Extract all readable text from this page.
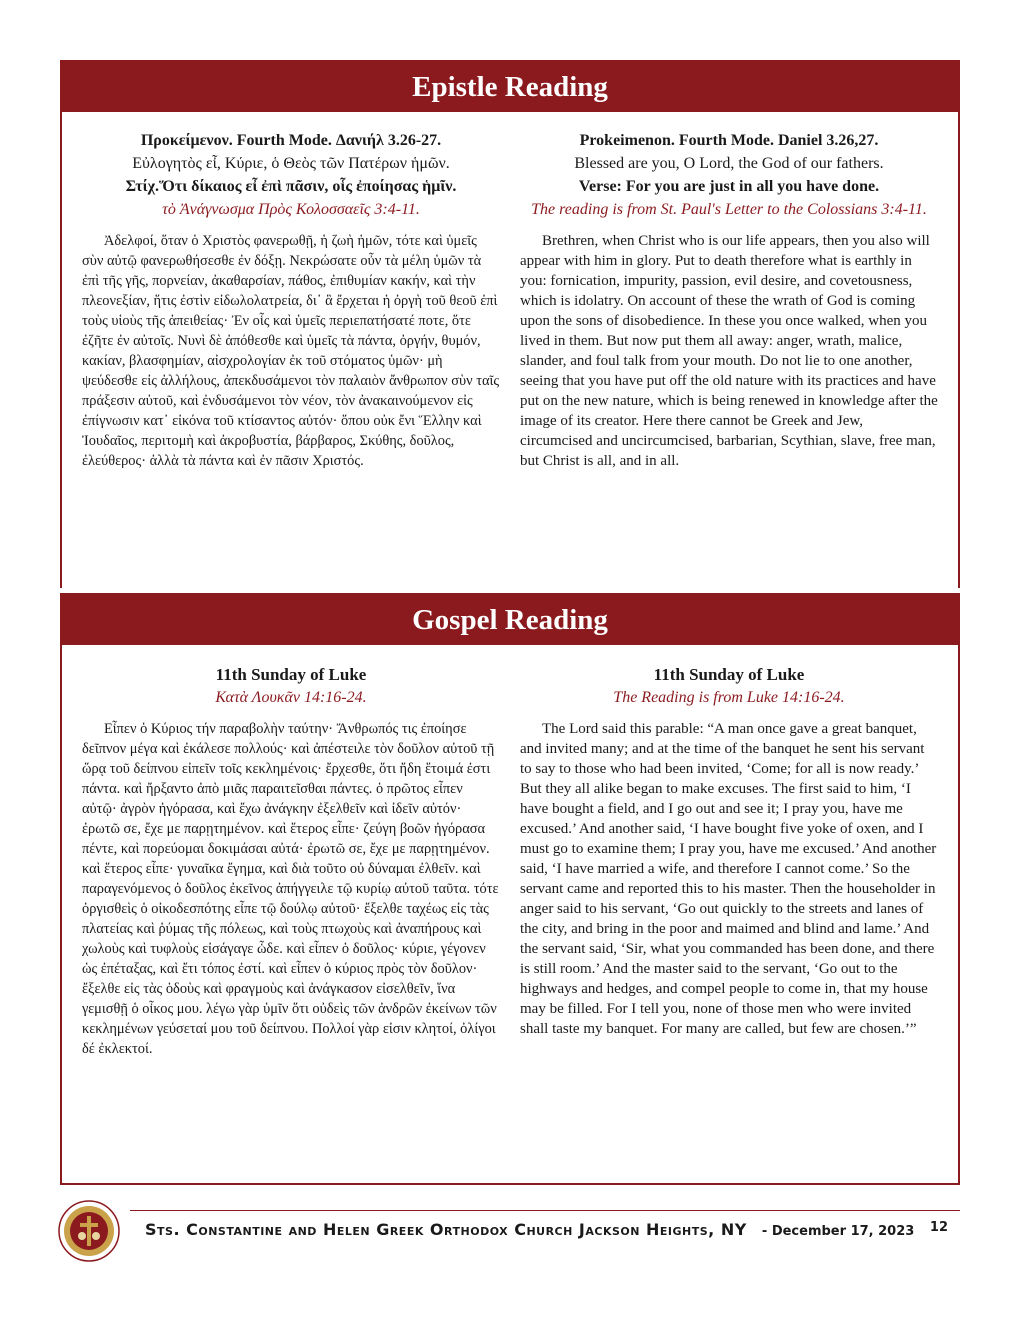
Epistle Reading
Προκείμενον. Fourth Mode. Δανιήλ 3.26-27.
Εὐλογητὸς εἶ, Κύριε, ὁ Θεὸς τῶν Πατέρων ἡμῶν.
Στίχ.Ὅτι δίκαιος εἶ ἐπὶ πᾶσιν, οἷς ἐποίησας ἡμῖν.
τὸ Ἀνάγνωσμα Πρὸς Κολοσσαεῖς 3:4-11.

Ἀδελφοί, ὅταν ὁ Χριστὸς φανερωθῇ, ἡ ζωὴ ἡμῶν, τότε καὶ ὑμεῖς σὺν αὐτῷ φανερωθήσεσθε ἐν δόξῃ. Νεκρώσατε οὖν τὰ μέλη ὑμῶν τὰ ἐπὶ τῆς γῆς, πορνείαν, ἀκαθαρσίαν, πάθος, ἐπιθυμίαν κακήν, καὶ τὴν πλεονεξίαν, ἥτις ἐστὶν εἰδωλολατρεία, δι᾽ ἃ ἔρχεται ἡ ὀργὴ τοῦ θεοῦ ἐπὶ τοὺς υἱοὺς τῆς ἀπειθείας· Ἐν οἷς καὶ ὑμεῖς περιεπατήσατέ ποτε, ὅτε ἐζῆτε ἐν αὐτοῖς. Νυνὶ δὲ ἀπόθεσθε καὶ ὑμεῖς τὰ πάντα, ὀργήν, θυμόν, κακίαν, βλασφημίαν, αἰσχρολογίαν ἐκ τοῦ στόματος ὑμῶν· μὴ ψεύδεσθε εἰς ἀλλήλους, ἀπεκδυσάμενοι τὸν παλαιὸν ἄνθρωπον σὺν ταῖς πράξεσιν αὐτοῦ, καὶ ἐνδυσάμενοι τὸν νέον, τὸν ἀνακαινούμενον εἰς ἐπίγνωσιν κατ᾽ εἰκόνα τοῦ κτίσαντος αὐτόν· ὅπου οὐκ ἔνι Ἕλλην καὶ Ἰουδαῖος, περιτομὴ καὶ ἀκροβυστία, βάρβαρος, Σκύθης, δοῦλος, ἐλεύθερος· ἀλλὰ τὰ πάντα καὶ ἐν πᾶσιν Χριστός.

Prokeimenon. Fourth Mode. Daniel 3.26,27.
Blessed are you, O Lord, the God of our fathers.
Verse: For you are just in all you have done.
The reading is from St. Paul's Letter to the Colossians 3:4-11.

Brethren, when Christ who is our life appears, then you also will appear with him in glory. Put to death therefore what is earthly in you: fornication, impurity, passion, evil desire, and covetousness, which is idolatry. On account of these the wrath of God is coming upon the sons of disobedience. In these you once walked, when you lived in them. But now put them all away: anger, wrath, malice, slander, and foul talk from your mouth. Do not lie to one another, seeing that you have put off the old nature with its practices and have put on the new nature, which is being renewed in knowledge after the image of its creator. Here there cannot be Greek and Jew, circumcised and uncircumcised, barbarian, Scythian, slave, free man, but Christ is all, and in all.

Gospel Reading
11th Sunday of Luke
Κατὰ Λουκᾶν 14:16-24.

Εἶπεν ὁ Κύριος τήν παραβολὴν ταύτην· Ἄνθρωπός τις ἐποίησε δεῖπνον μέγα καὶ ἐκάλεσε πολλούς· καὶ ἀπέστειλε τὸν δοῦλον αὐτοῦ τῇ ὥρᾳ τοῦ δείπνου εἰπεῖν τοῖς κεκλημένοις· ἔρχεσθε, ὅτι ἤδη ἕτοιμά ἐστι πάντα. καὶ ἤρξαντο ἀπὸ μιᾶς παραιτεῖσθαι πάντες. ὁ πρῶτος εἶπεν αὐτῷ· ἀγρὸν ἠγόρασα, καὶ ἔχω ἀνάγκην ἐξελθεῖν καὶ ἰδεῖν αὐτόν· ἐρωτῶ σε, ἔχε με παρῃτημένον. καὶ ἕτερος εἶπε· ζεύγη βοῶν ἠγόρασα πέντε, καὶ πορεύομαι δοκιμάσαι αὐτά· ἐρωτῶ σε, ἔχε με παρῃτημένον. καὶ ἕτερος εἶπε· γυναῖκα ἔγημα, καὶ διὰ τοῦτο οὐ δύναμαι ἐλθεῖν. καὶ παραγενόμενος ὁ δοῦλος ἐκεῖνος ἀπήγγειλε τῷ κυρίῳ αὐτοῦ ταῦτα. τότε ὀργισθεὶς ὁ οἰκοδεσπότης εἶπε τῷ δούλῳ αὐτοῦ· ἔξελθε ταχέως εἰς τὰς πλατείας καὶ ῥύμας τῆς πόλεως, καὶ τοὺς πτωχοὺς καὶ ἀναπήρους καὶ χωλοὺς καὶ τυφλοὺς εἰσάγαγε ὧδε. καὶ εἶπεν ὁ δοῦλος· κύριε, γέγονεν ὡς ἐπέταξας, καὶ ἔτι τόπος ἐστί. καὶ εἶπεν ὁ κύριος πρὸς τὸν δοῦλον· ἔξελθε εἰς τὰς ὁδοὺς καὶ φραγμοὺς καὶ ἀνάγκασον εἰσελθεῖν, ἵνα γεμισθῇ ὁ οἶκος μου. λέγω γὰρ ὑμῖν ὅτι οὐδεὶς τῶν ἀνδρῶν ἐκείνων τῶν κεκλημένων γεύσεταί μου τοῦ δείπνου. Πολλοί γὰρ εἰσιν κλητοί, ὀλίγοι δέ ἐκλεκτοί.

11th Sunday of Luke
The Reading is from Luke 14:16-24.

The Lord said this parable: “A man once gave a great banquet, and invited many; and at the time of the banquet he sent his servant to say to those who had been invited, ‘Come; for all is now ready.’ But they all alike began to make excuses. The first said to him, ‘I have bought a field, and I go out and see it; I pray you, have me excused.’ And another said, ‘I have bought five yoke of oxen, and I must go to examine them; I pray you, have me excused.’ And another said, ‘I have married a wife, and therefore I cannot come.’ So the servant came and reported this to his master. Then the householder in anger said to his servant, ‘Go out quickly to the streets and lanes of the city, and bring in the poor and maimed and blind and lame.’ And the servant said, ‘Sir, what you commanded has been done, and there is still room.’ And the master said to the servant, ‘Go out to the highways and hedges, and compel people to come in, that my house may be filled. For I tell you, none of those men who were invited shall taste my banquet. For many are called, but few are chosen.’”

Sts. Constantine and Helen Greek Orthodox Church Jackson Heights, NY - December 17, 2023 12
